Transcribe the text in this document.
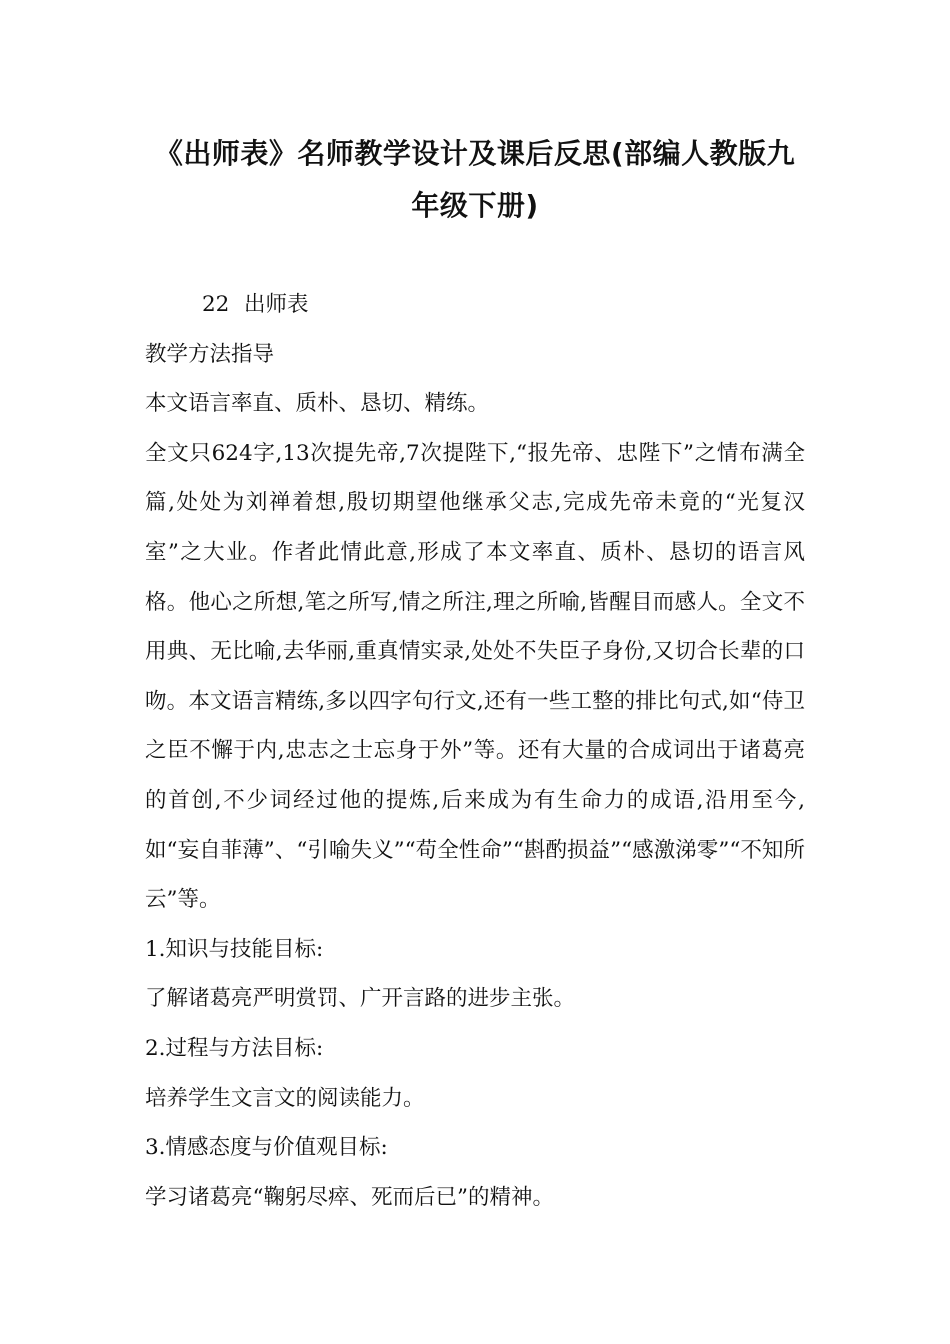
《出师表》名师教学设计及课后反思(部编人教版九年级下册)

22 出师表

教学方法指导

本文语言率直、质朴、恳切、精练。

全文只624字,13次提先帝,7次提陛下,“报先帝、忠陛下”之情布满全篇,处处为刘禅着想,殷切期望他继承父志,完成先帝未竟的“光复汉室”之大业。作者此情此意,形成了本文率直、质朴、恳切的语言风格。他心之所想,笔之所写,情之所注,理之所喻,皆醒目而感人。全文不用典、无比喻,去华丽,重真情实录,处处不失臣子身份,又切合长辈的口吻。本文语言精练,多以四字句行文,还有一些工整的排比句式,如“侍卫之臣不懈于内,忠志之士忘身于外”等。还有大量的合成词出于诸葛亮的首创,不少词经过他的提炼,后来成为有生命力的成语,沿用至今,如“妄自菲薄”、“引喻失义”“苟全性命”“斟酌损益”“感激涕零”“不知所云”等。

1.知识与技能目标:

了解诸葛亮严明赏罚、广开言路的进步主张。

2.过程与方法目标:

培养学生文言文的阅读能力。

3.情感态度与价值观目标:

学习诸葛亮“鞠躬尽瘁、死而后已”的精神。
